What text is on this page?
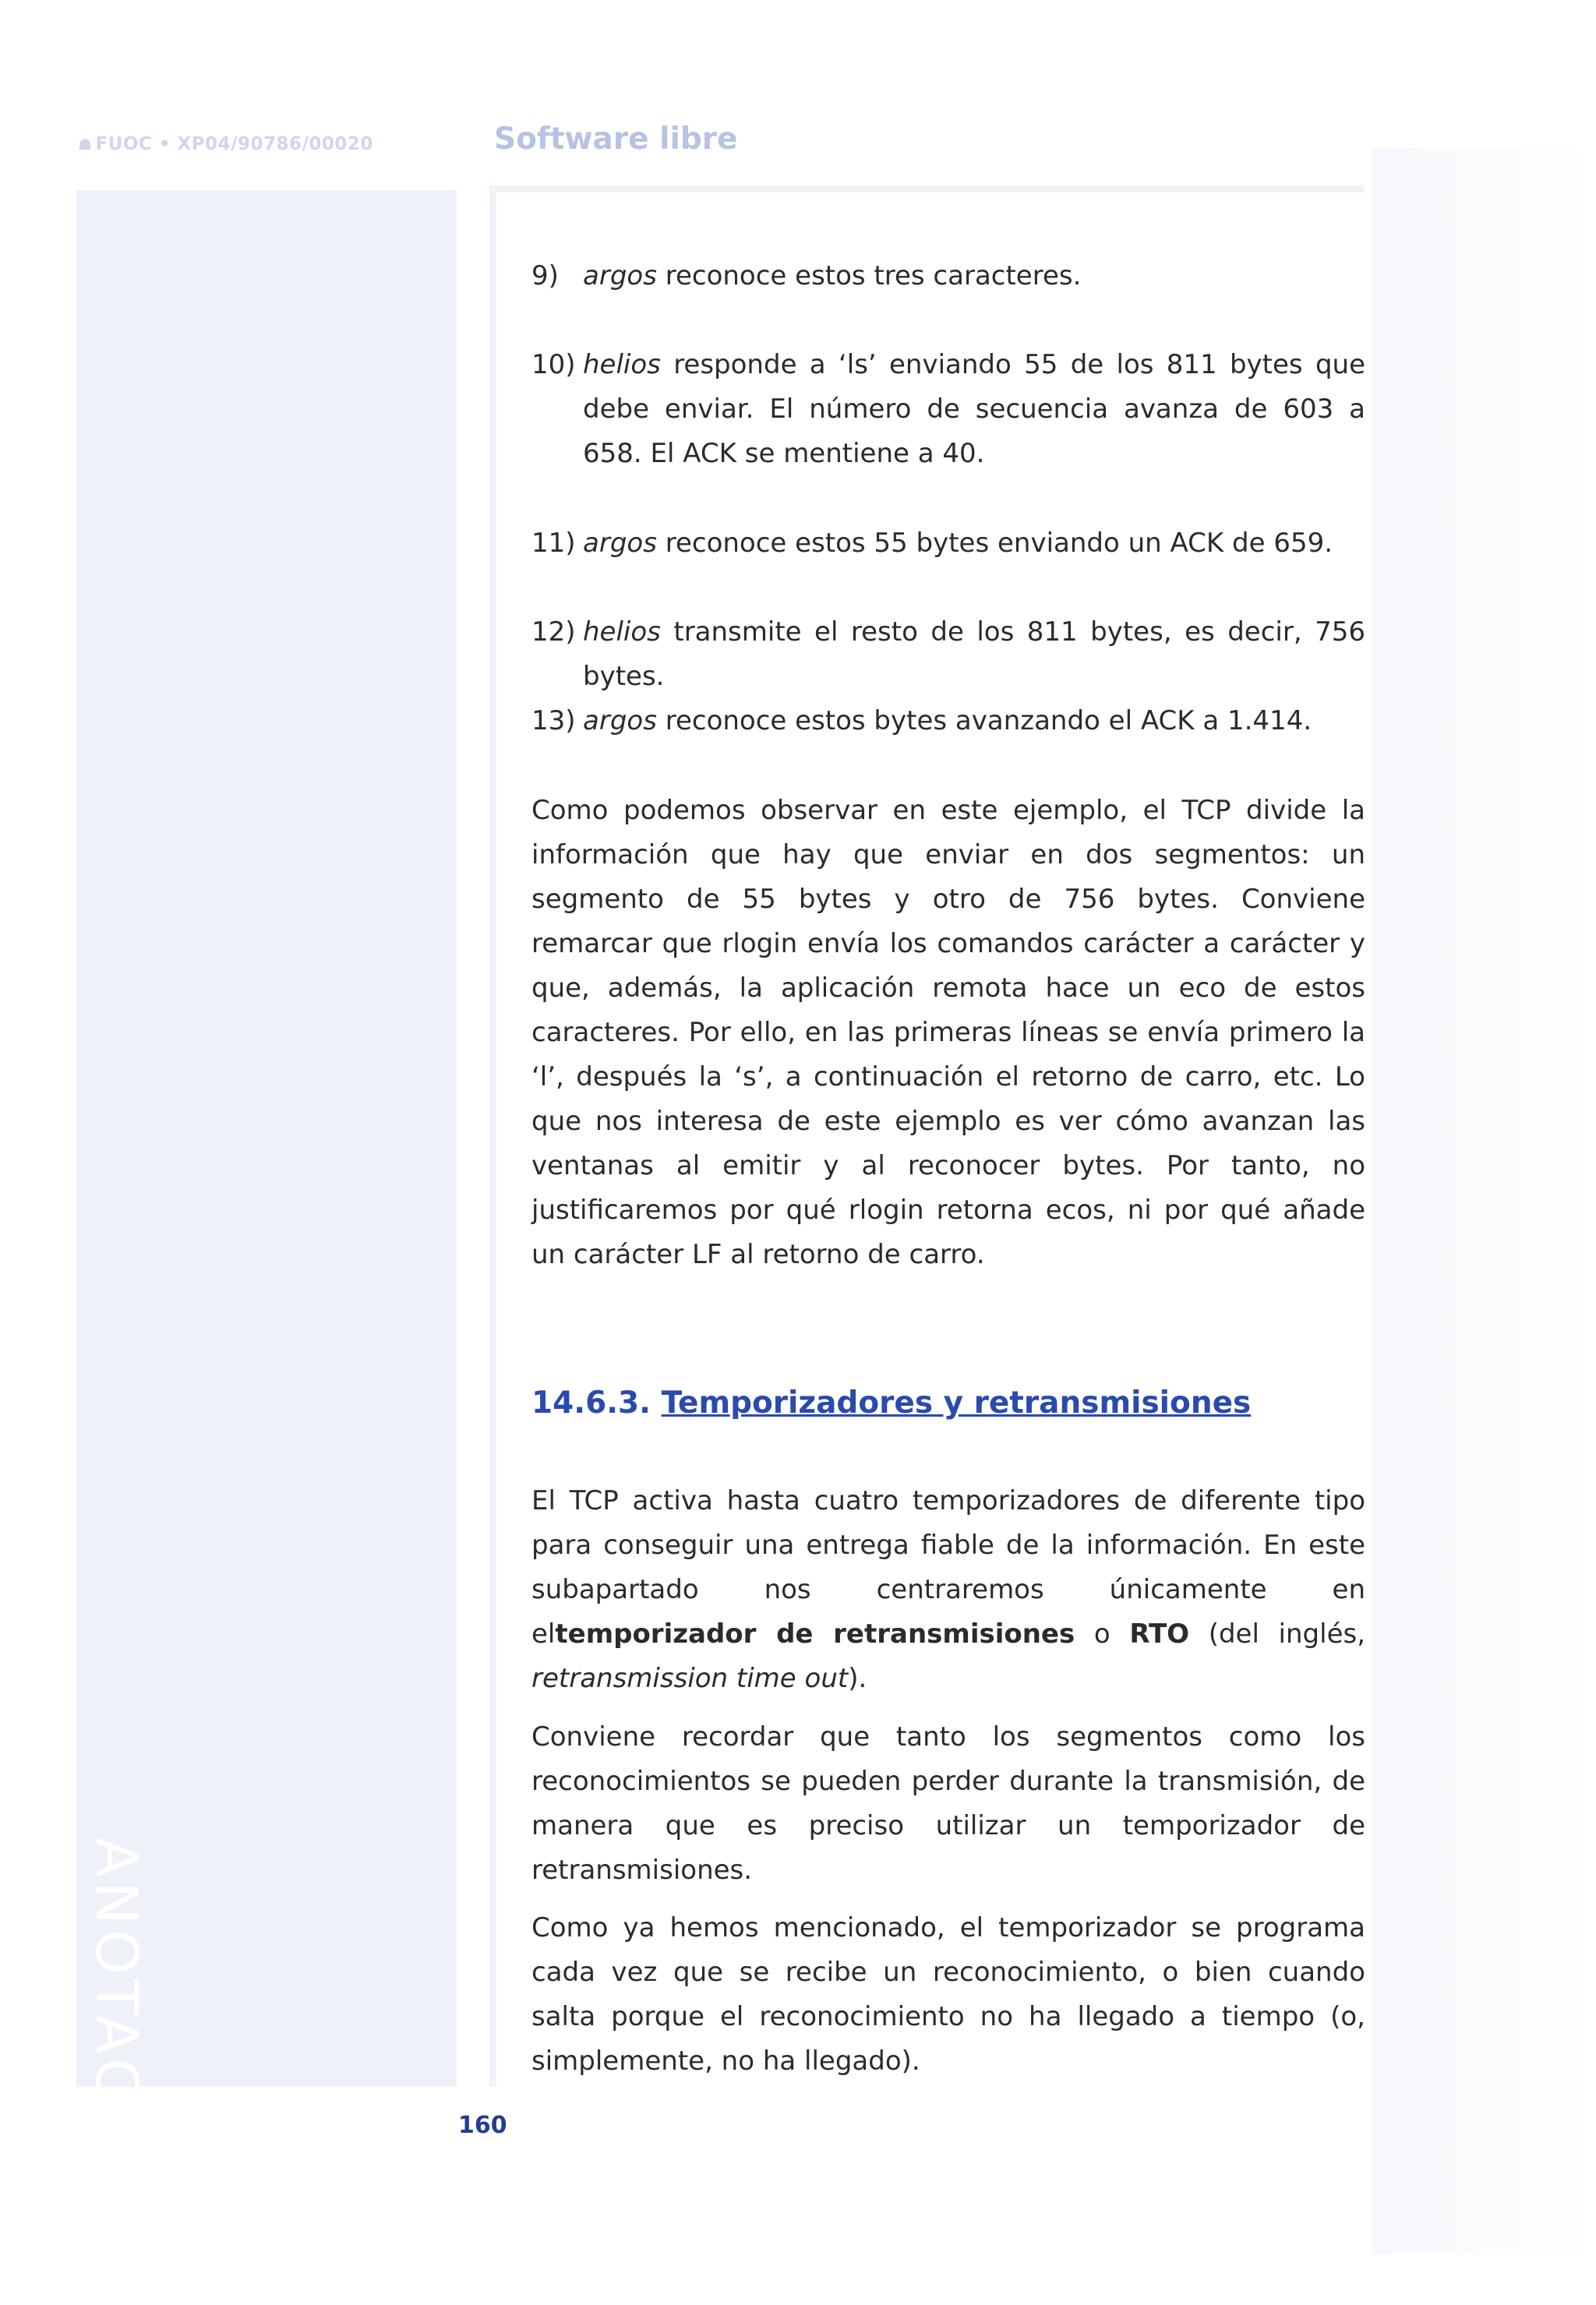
☗ FUOC • XP04/90786/00020	Software libre
ANOTACIONES
9) argos reconoce estos tres caracteres.
10) helios responde a ‘ls’ enviando 55 de los 811 bytes que debe enviar. El número de secuencia avanza de 603 a 658. El ACK se mentiene a 40.
11) argos reconoce estos 55 bytes enviando un ACK de 659.
12) helios transmite el resto de los 811 bytes, es decir, 756 bytes.
13) argos reconoce estos bytes avanzando el ACK a 1.414.
Como podemos observar en este ejemplo, el TCP divide la información que hay que enviar en dos segmentos: un segmento de 55 bytes y otro de 756 bytes. Conviene remarcar que rlogin envía los comandos carácter a carácter y que, además, la aplicación remota hace un eco de estos caracteres. Por ello, en las primeras líneas se envía primero la ‘l’, después la ‘s’, a continuación el retorno de carro, etc. Lo que nos interesa de este ejemplo es ver cómo avanzan las ventanas al emitir y al reconocer bytes. Por tanto, no justificaremos por qué rlogin retorna ecos, ni por qué añade un carácter LF al retorno de carro.
14.6.3. Temporizadores y retransmisiones
El TCP activa hasta cuatro temporizadores de diferente tipo para conseguir una entrega fiable de la información. En este subapartado nos centraremos únicamente en eltemporizador de retransmisiones o RTO (del inglés, retransmission time out).
Conviene recordar que tanto los segmentos como los reconocimientos se pueden perder durante la transmisión, de manera que es preciso utilizar un temporizador de retransmisiones.
Como ya hemos mencionado, el temporizador se programa cada vez que se recibe un reconocimiento, o bien cuando salta porque el reconocimiento no ha llegado a tiempo (o, simplemente, no ha llegado).
160
